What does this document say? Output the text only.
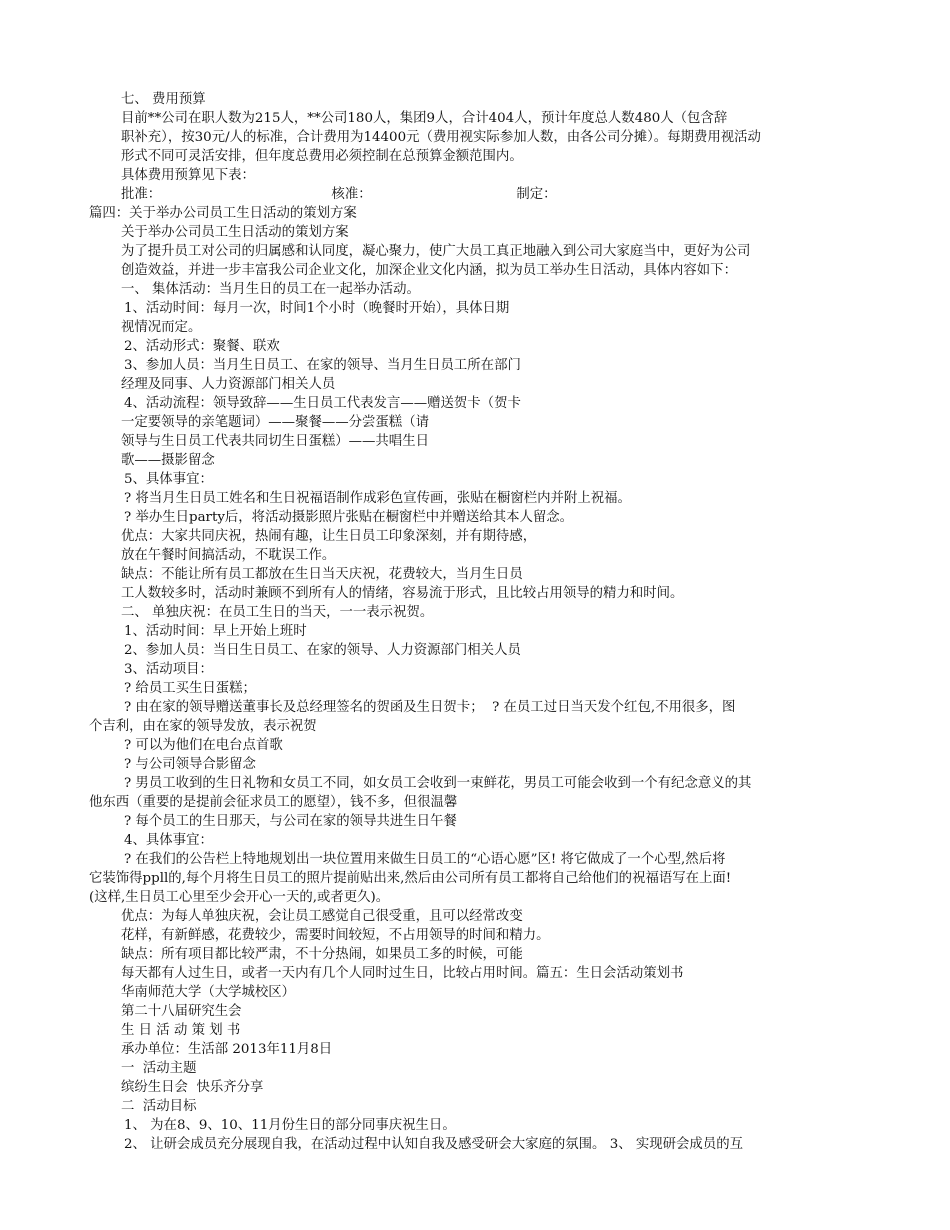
七、 费用预算
目前**公司在职人数为215人，**公司180人，集团9人，合计404人，预计年度总人数480人（包含辞
职补充），按30元/人的标准，合计费用为14400元（费用视实际参加人数，由各公司分摊）。每期费用视活动
形式不同可灵活安排，但年度总费用必须控制在总预算金额范围内。
具体费用预算见下表：
批准：                                        核准：                                  制定：
篇四：关于举办公司员工生日活动的策划方案
关于举办公司员工生日活动的策划方案
为了提升员工对公司的归属感和认同度，凝心聚力，使广大员工真正地融入到公司大家庭当中，更好为公司
创造效益，并进一步丰富我公司企业文化，加深企业文化内涵，拟为员工举办生日活动，具体内容如下：
一、 集体活动：当月生日的员工在一起举办活动。
1、活动时间：每月一次，时间1个小时（晚餐时开始），具体日期
视情况而定。
2、活动形式：聚餐、联欢
3、参加人员：当月生日员工、在家的领导、当月生日员工所在部门
经理及同事、人力资源部门相关人员
4、活动流程：领导致辞——生日员工代表发言——赠送贺卡（贺卡
一定要领导的亲笔题词）——聚餐——分尝蛋糕（请
领导与生日员工代表共同切生日蛋糕）——共唱生日
歌——摄影留念
5、具体事宜：
? 将当月生日员工姓名和生日祝福语制作成彩色宣传画，张贴在橱窗栏内并附上祝福。
? 举办生日party后，将活动摄影照片张贴在橱窗栏中并赠送给其本人留念。
优点：大家共同庆祝，热闹有趣，让生日员工印象深刻，并有期待感，
放在午餐时间搞活动，不耽误工作。
缺点：不能让所有员工都放在生日当天庆祝，花费较大，当月生日员
工人数较多时，活动时兼顾不到所有人的情绪，容易流于形式，且比较占用领导的精力和时间。
二、 单独庆祝：在员工生日的当天，一一表示祝贺。
1、活动时间：早上开始上班时
2、参加人员：当日生日员工、在家的领导、人力资源部门相关人员
3、活动项目：
? 给员工买生日蛋糕；
? 由在家的领导赠送董事长及总经理签名的贺函及生日贺卡；  ? 在员工过日当天发个红包,不用很多，图
个吉利，由在家的领导发放，表示祝贺
? 可以为他们在电台点首歌
? 与公司领导合影留念
? 男员工收到的生日礼物和女员工不同，如女员工会收到一束鲜花，男员工可能会收到一个有纪念意义的其
他东西（重要的是提前会征求员工的愿望），钱不多，但很温馨
? 每个员工的生日那天，与公司在家的领导共进生日午餐
4、具体事宜：
? 在我们的公告栏上特地规划出一块位置用来做生日员工的“心语心愿”区! 将它做成了一个心型,然后将
它装饰得ppll的,每个月将生日员工的照片提前贴出来,然后由公司所有员工都将自己给他们的祝福语写在上面!
(这样,生日员工心里至少会开心一天的,或者更久)。
优点：为每人单独庆祝，会让员工感觉自己很受重，且可以经常改变
花样，有新鲜感，花费较少，需要时间较短，不占用领导的时间和精力。
缺点：所有项目都比较严肃，不十分热闹，如果员工多的时候，可能
每天都有人过生日，或者一天内有几个人同时过生日，比较占用时间。篇五：生日会活动策划书
华南师范大学（大学城校区）
第二十八届研究生会
生 日 活 动 策 划 书
承办单位：生活部 2013年11月8日
一  活动主题
缤纷生日会  快乐齐分享
二  活动目标
1、 为在8、9、10、11月份生日的部分同事庆祝生日。
2、 让研会成员充分展现自我，在活动过程中认知自我及感受研会大家庭的氛围。 3、 实现研会成员的互
